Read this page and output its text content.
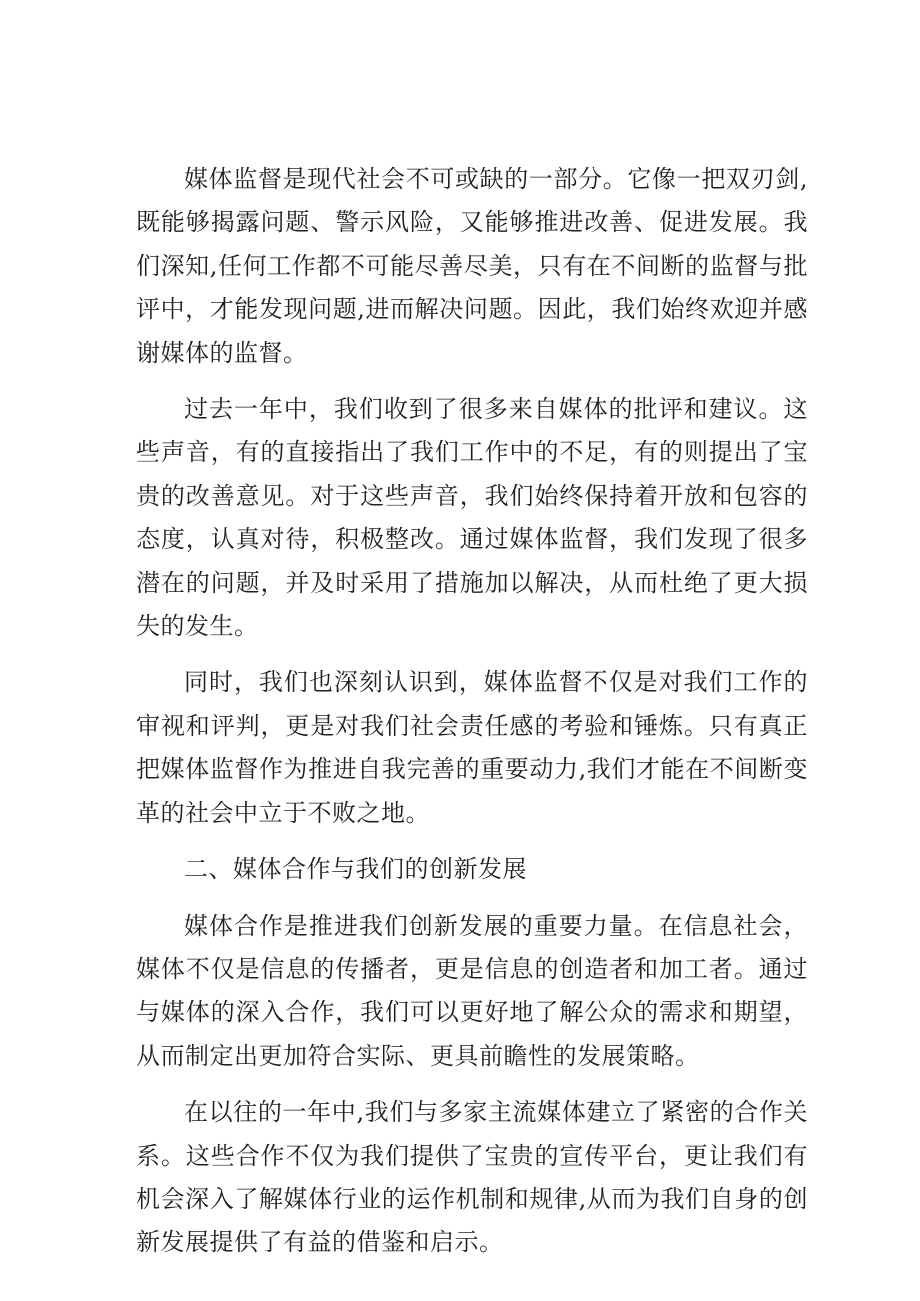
媒体监督是现代社会不可或缺的一部分。它像一把双刃剑,既能够揭露问题、警示风险，又能够推进改善、促进发展。我们深知,任何工作都不可能尽善尽美，只有在不间断的监督与批评中，才能发现问题,进而解决问题。因此，我们始终欢迎并感谢媒体的监督。

过去一年中，我们收到了很多来自媒体的批评和建议。这些声音，有的直接指出了我们工作中的不足，有的则提出了宝贵的改善意见。对于这些声音，我们始终保持着开放和包容的态度，认真对待，积极整改。通过媒体监督，我们发现了很多潜在的问题，并及时采用了措施加以解决，从而杜绝了更大损失的发生。

同时，我们也深刻认识到，媒体监督不仅是对我们工作的审视和评判，更是对我们社会责任感的考验和锤炼。只有真正把媒体监督作为推进自我完善的重要动力,我们才能在不间断变革的社会中立于不败之地。

二、媒体合作与我们的创新发展

媒体合作是推进我们创新发展的重要力量。在信息社会，媒体不仅是信息的传播者，更是信息的创造者和加工者。通过与媒体的深入合作，我们可以更好地了解公众的需求和期望，从而制定出更加符合实际、更具前瞻性的发展策略。

在以往的一年中,我们与多家主流媒体建立了紧密的合作关系。这些合作不仅为我们提供了宝贵的宣传平台，更让我们有机会深入了解媒体行业的运作机制和规律,从而为我们自身的创新发展提供了有益的借鉴和启示。
